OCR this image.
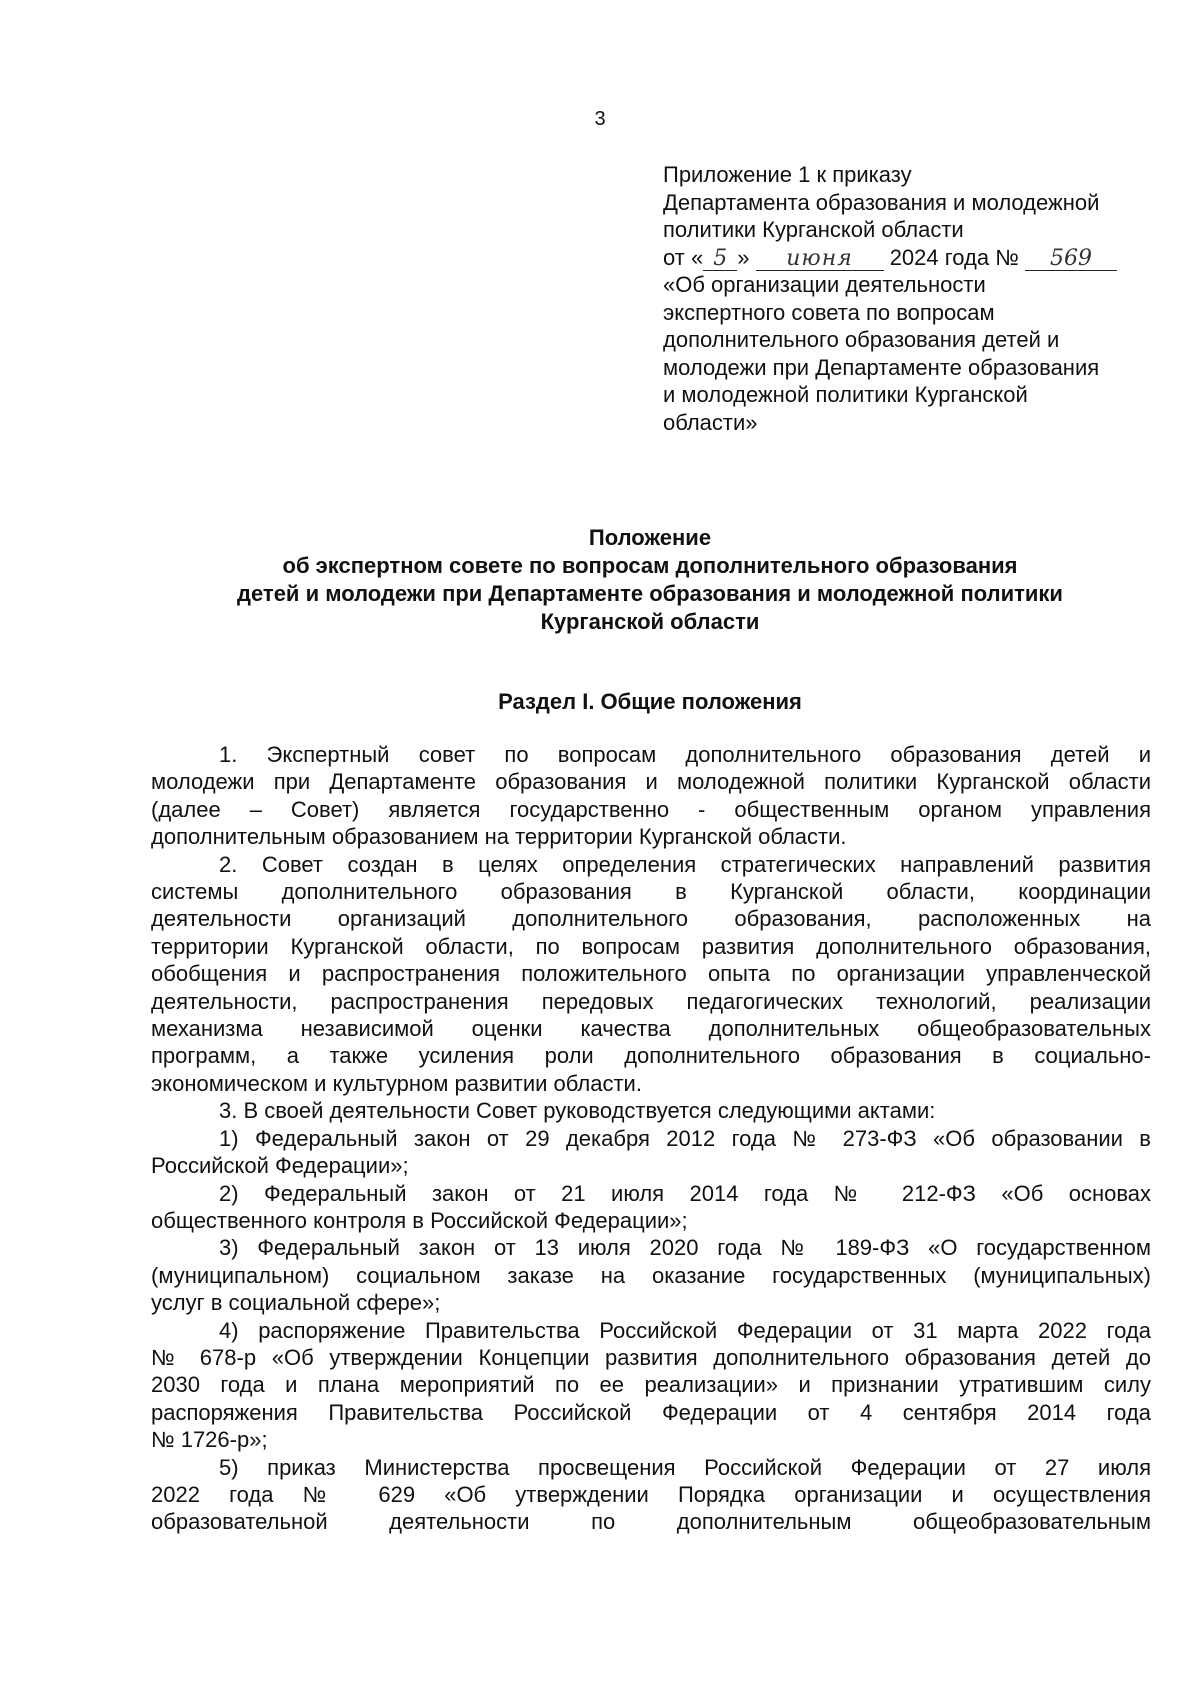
3
Приложение 1 к приказу
Департамента образования и молодежной
политики Курганской области
от « 5 » июня 2024 года № 569
«Об организации деятельности
экспертного совета по вопросам
дополнительного образования детей и
молодежи при Департаменте образования
и молодежной политики Курганской
области»
Положение
об экспертном совете по вопросам дополнительного образования
детей и молодежи при Департаменте образования и молодежной политики
Курганской области
Раздел I. Общие положения
1. Экспертный совет по вопросам дополнительного образования детей и
молодежи при Департаменте образования и молодежной политики Курганской области
(далее – Совет) является государственно - общественным органом управления
дополнительным образованием на территории Курганской области.
2. Совет создан в целях определения стратегических направлений развития
системы дополнительного образования в Курганской области, координации
деятельности организаций дополнительного образования, расположенных на
территории Курганской области, по вопросам развития дополнительного образования,
обобщения и распространения положительного опыта по организации управленческой
деятельности, распространения передовых педагогических технологий, реализации
механизма независимой оценки качества дополнительных общеобразовательных
программ, а также усиления роли дополнительного образования в социально-
экономическом и культурном развитии области.
3. В своей деятельности Совет руководствуется следующими актами:
1) Федеральный закон от 29 декабря 2012 года № 273-ФЗ «Об образовании в
Российской Федерации»;
2) Федеральный закон от 21 июля 2014 года № 212-ФЗ «Об основах
общественного контроля в Российской Федерации»;
3) Федеральный закон от 13 июля 2020 года № 189-ФЗ «О государственном
(муниципальном) социальном заказе на оказание государственных (муниципальных)
услуг в социальной сфере»;
4) распоряжение Правительства Российской Федерации от 31 марта 2022 года
№ 678-р «Об утверждении Концепции развития дополнительного образования детей до
2030 года и плана мероприятий по ее реализации» и признании утратившим силу
распоряжения Правительства Российской Федерации от 4 сентября 2014 года
№ 1726-р»;
5) приказ Министерства просвещения Российской Федерации от 27 июля
2022 года № 629 «Об утверждении Порядка организации и осуществления
образовательной деятельности по дополнительным общеобразовательным
